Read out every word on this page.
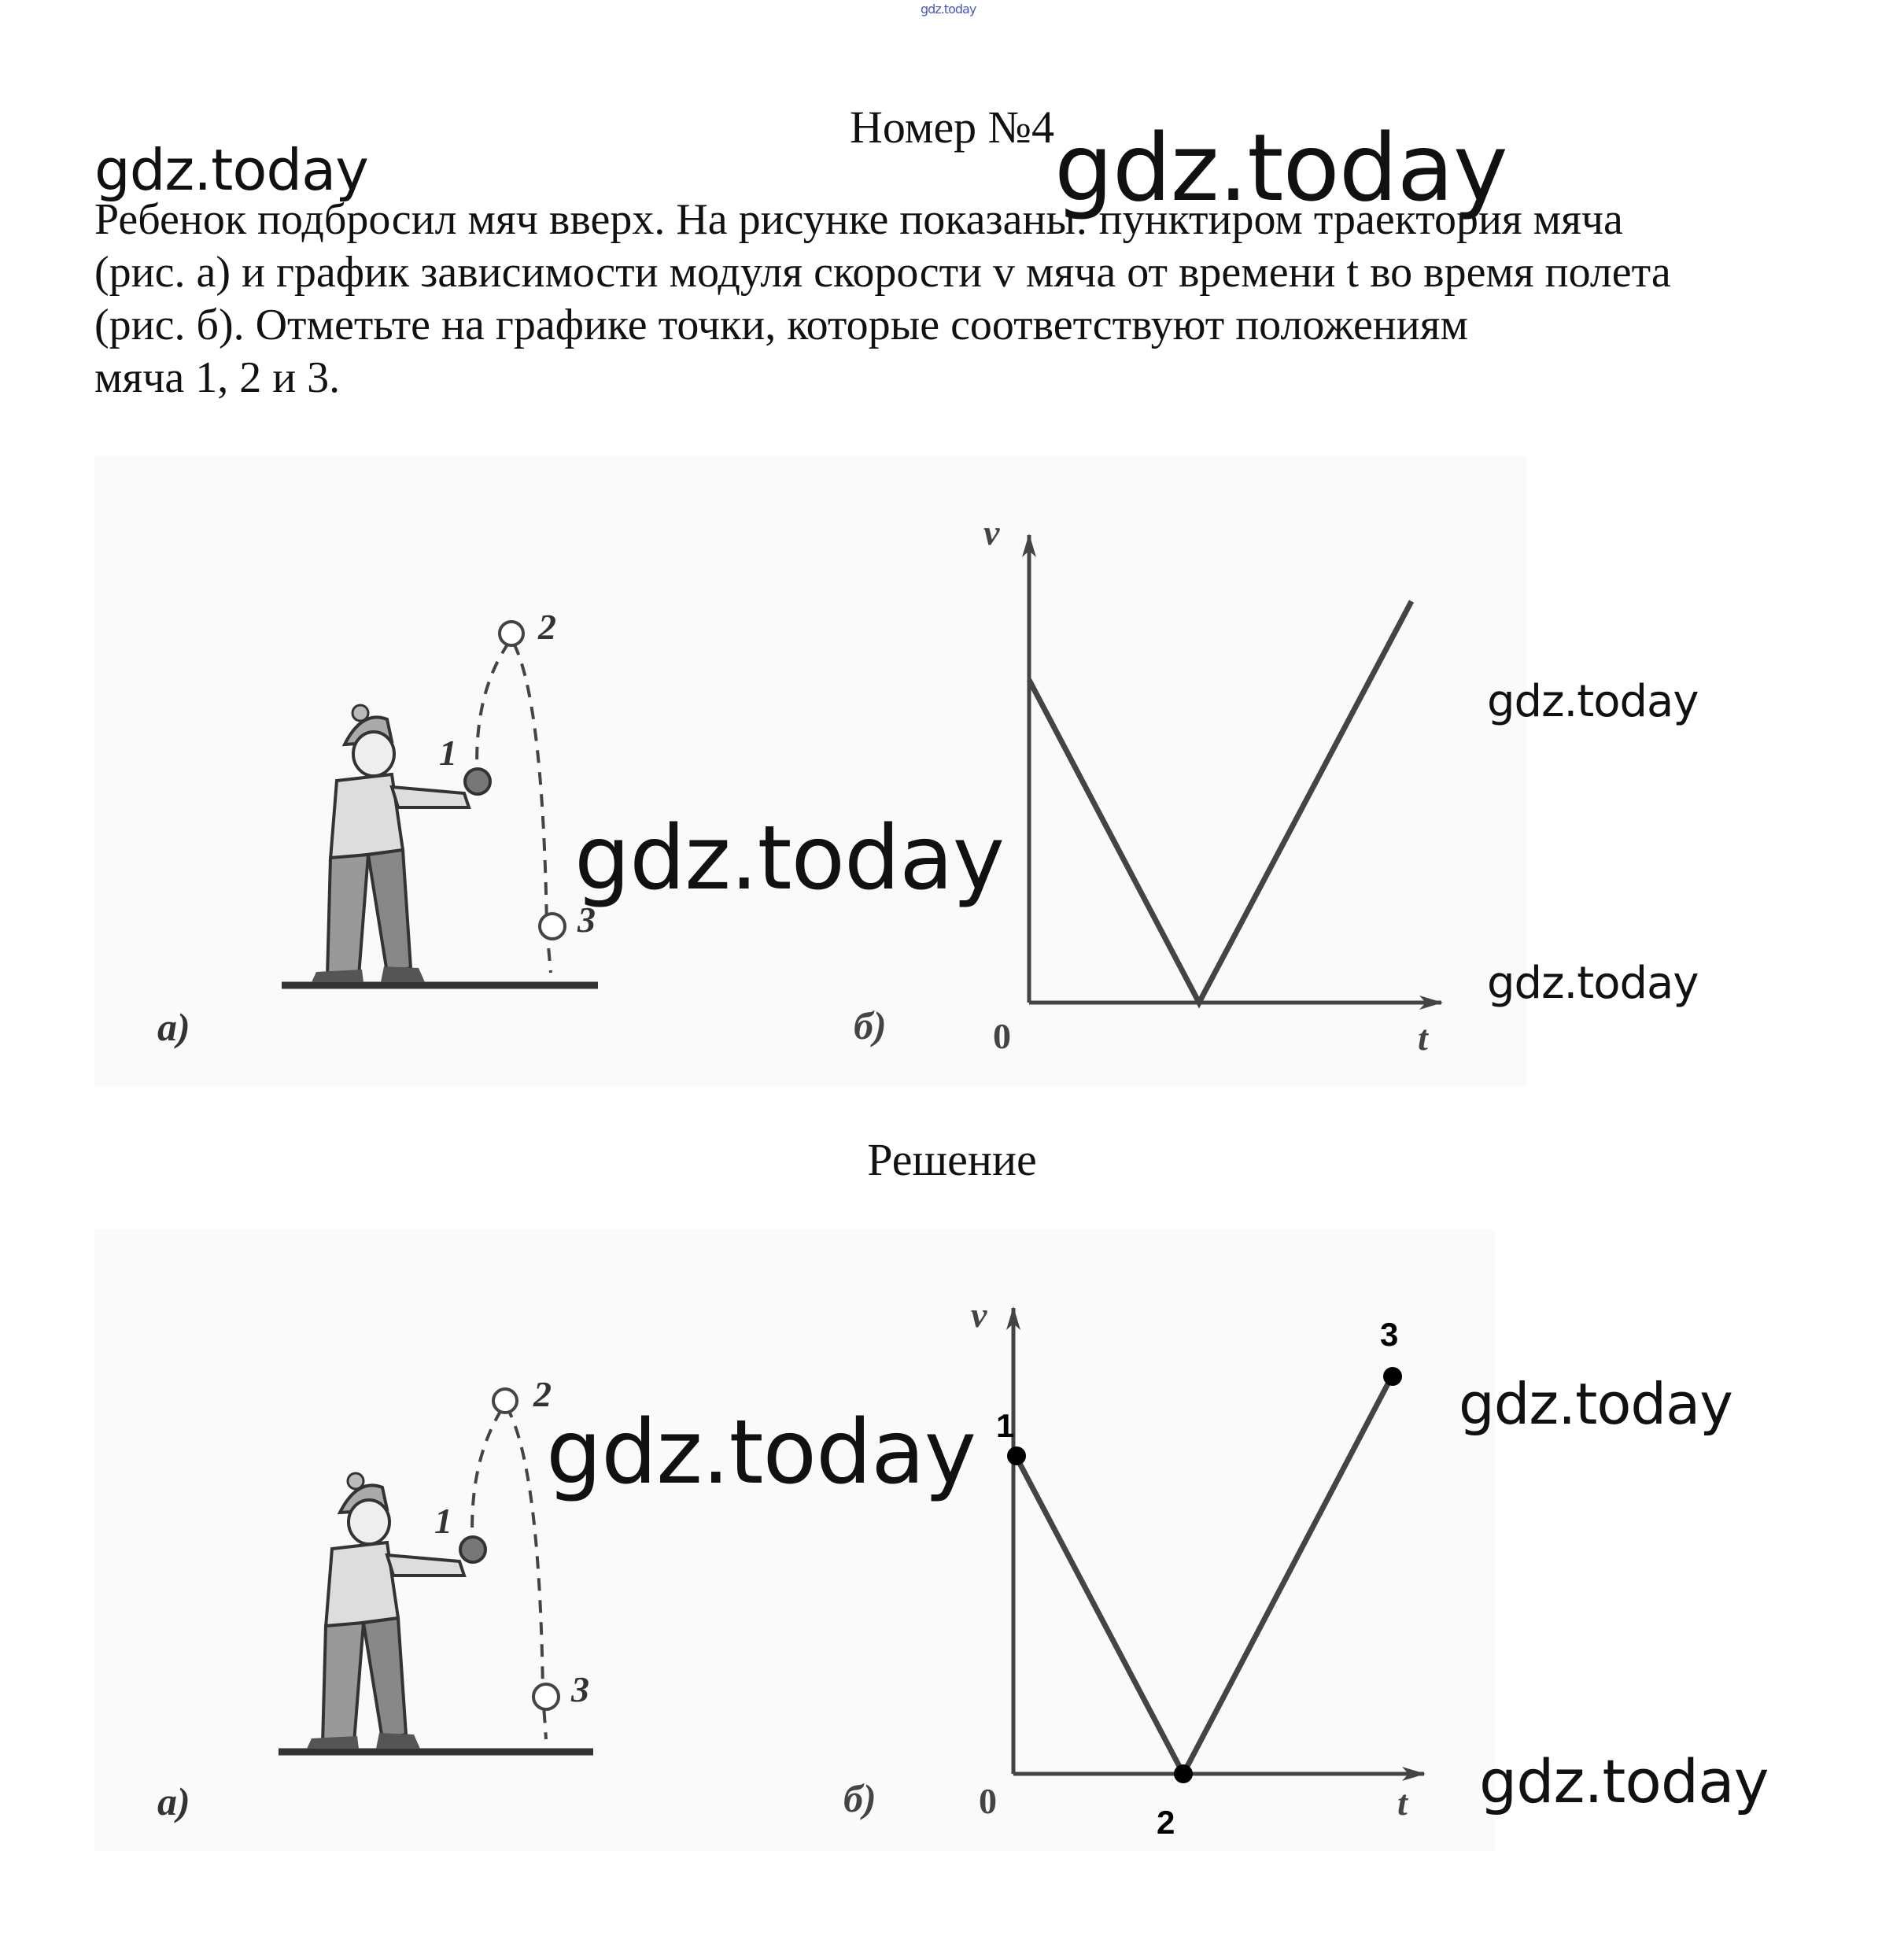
gdz.today
Номер №4

Ребенок подбросил мяч вверх. На рисунке показаны: пунктиром траектория мяча

(рис. а) и график зависимости модуля скорости v мяча от времени t во время полета

(рис. б). Отметьте на графике точки, которые соответствуют положениям

мяча 1, 2 и 3.

1
2
3
а)
v
t
0
б)
Решение
1
2
3
а)
1
2
3
v
t
0
б)
gdz.today	gdz.today
gdz.today
gdz.today
gdz.today
gdz.today
gdz.today
gdz.today
